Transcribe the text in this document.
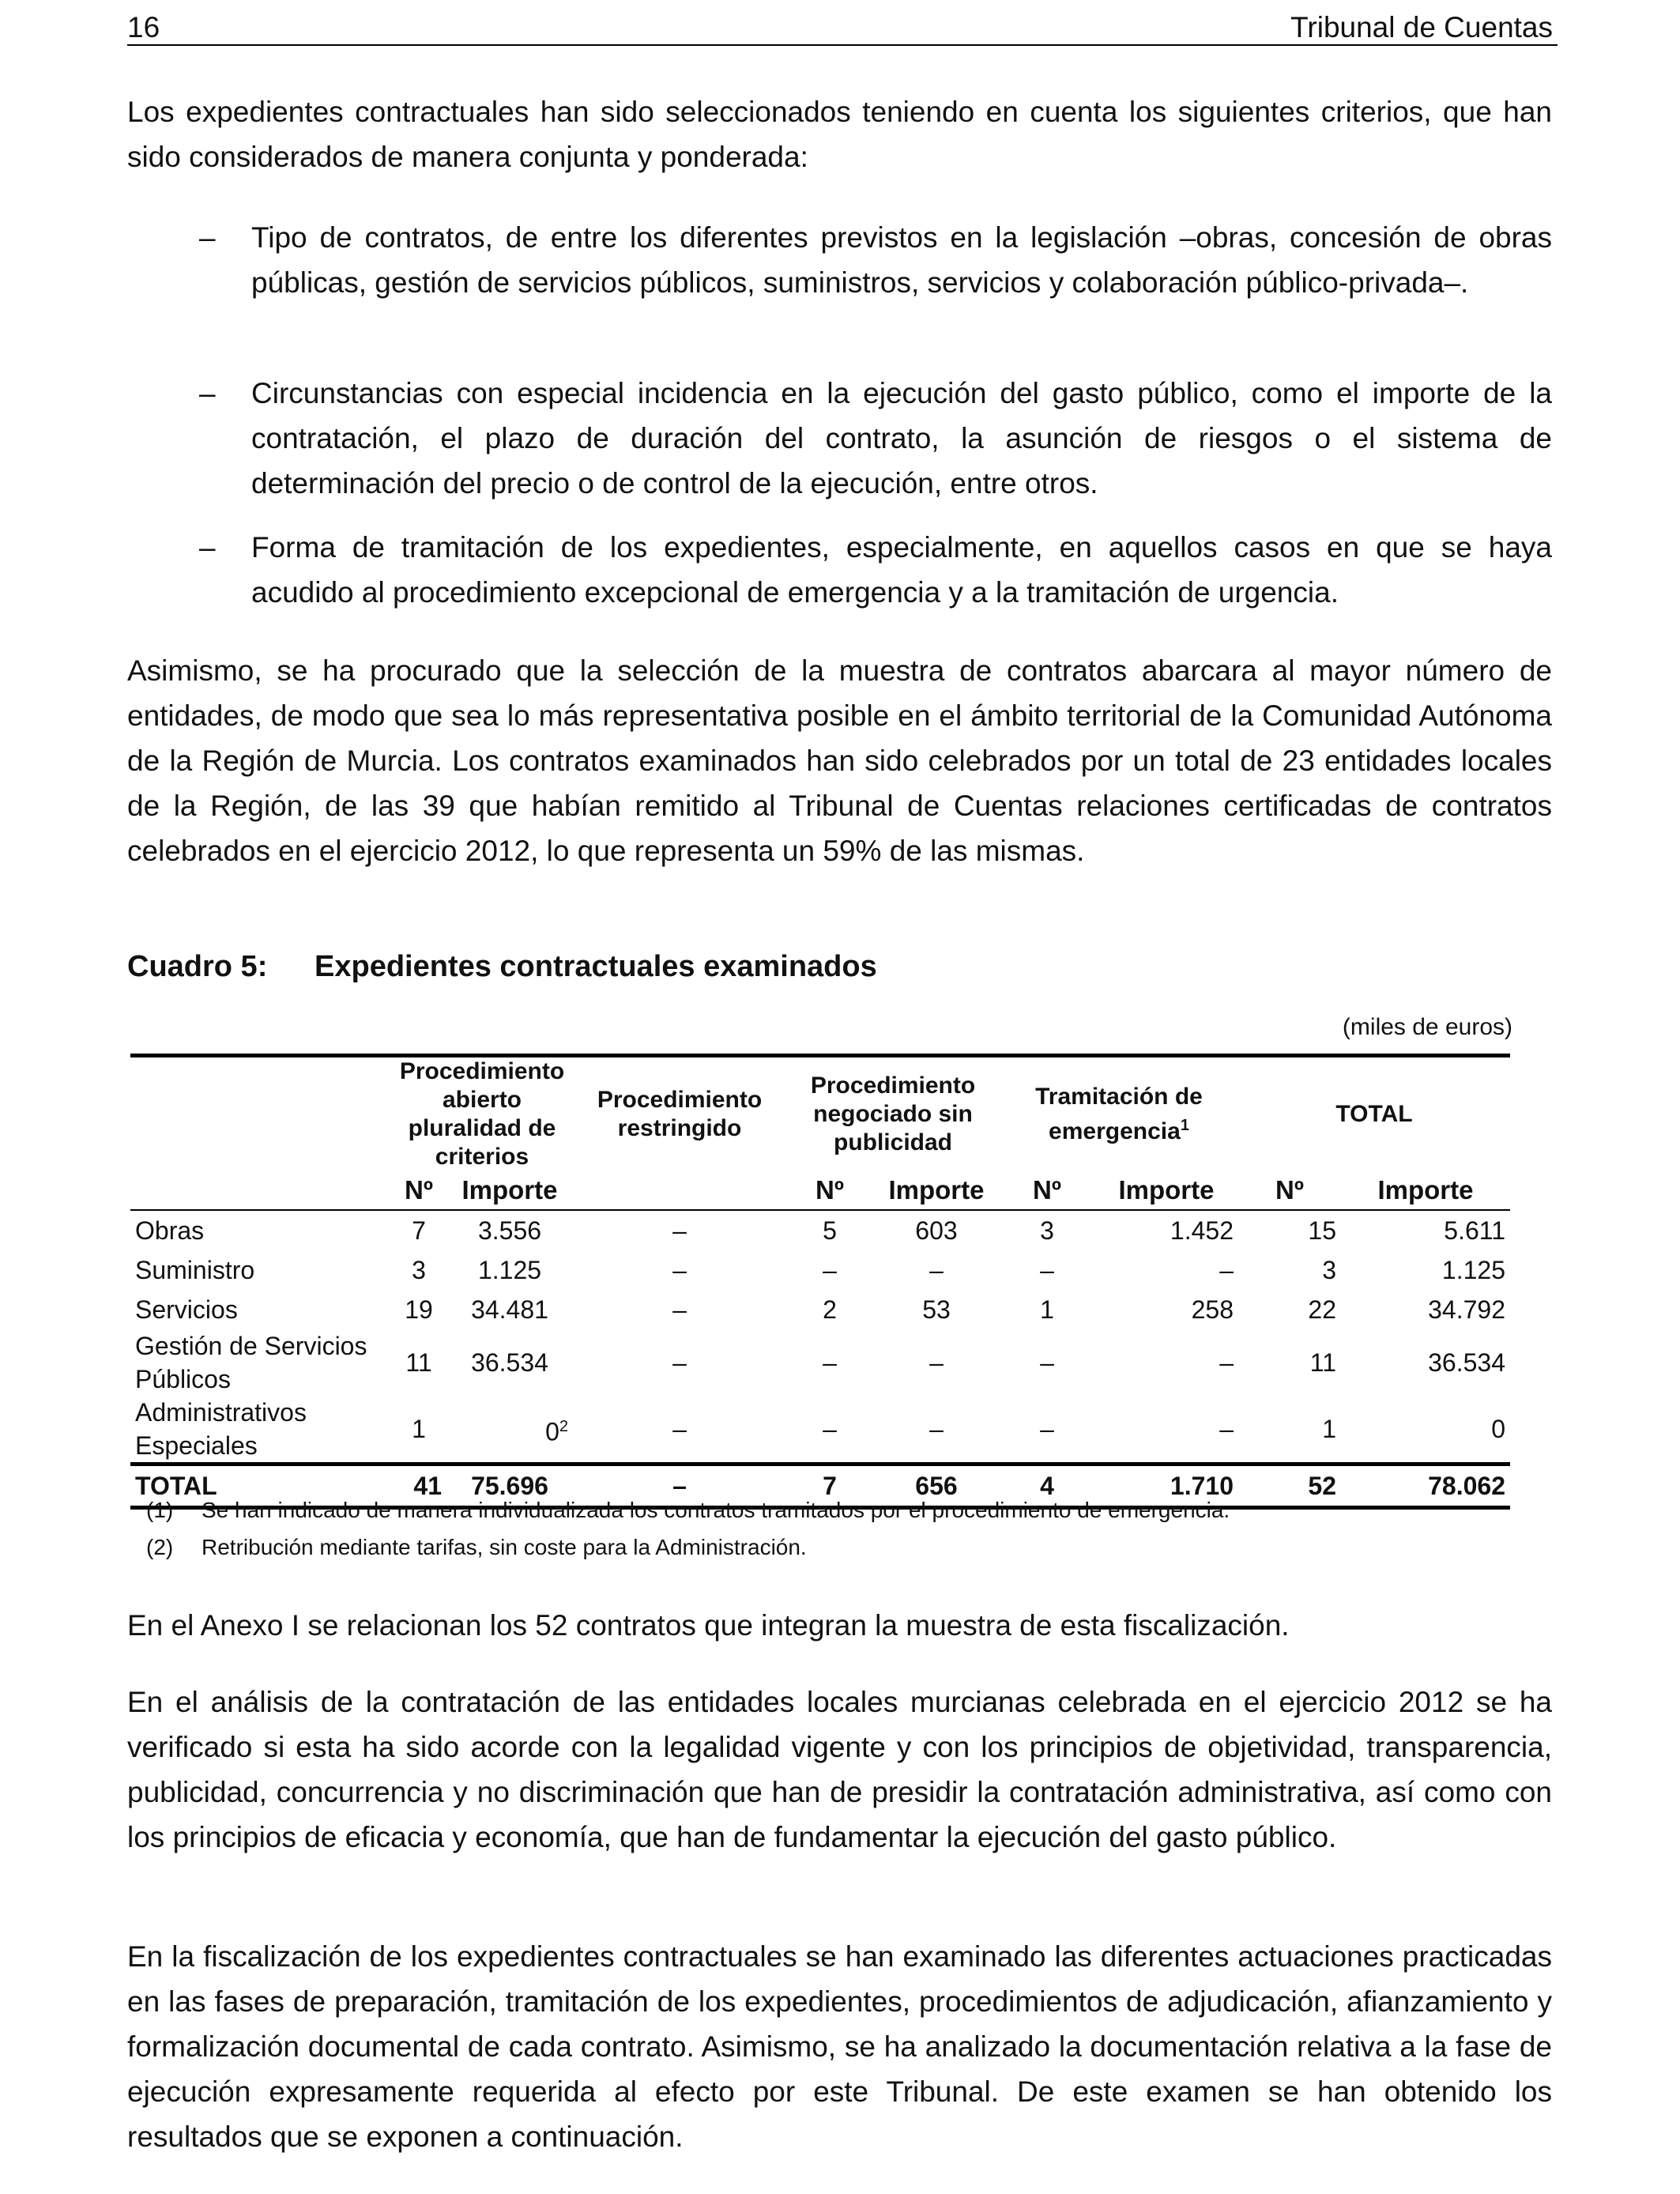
16	Tribunal de Cuentas

Los expedientes contractuales han sido seleccionados teniendo en cuenta los siguientes criterios, que han sido considerados de manera conjunta y ponderada:

– Tipo de contratos, de entre los diferentes previstos en la legislación –obras, concesión de obras públicas, gestión de servicios públicos, suministros, servicios y colaboración público-privada–.

– Circunstancias con especial incidencia en la ejecución del gasto público, como el importe de la contratación, el plazo de duración del contrato, la asunción de riesgos o el sistema de determinación del precio o de control de la ejecución, entre otros.

– Forma de tramitación de los expedientes, especialmente, en aquellos casos en que se haya acudido al procedimiento excepcional de emergencia y a la tramitación de urgencia.

Asimismo, se ha procurado que la selección de la muestra de contratos abarcara al mayor número de entidades, de modo que sea lo más representativa posible en el ámbito territorial de la Comunidad Autónoma de la Región de Murcia. Los contratos examinados han sido celebrados por un total de 23 entidades locales de la Región, de las 39 que habían remitido al Tribunal de Cuentas relaciones certificadas de contratos celebrados en el ejercicio 2012, lo que representa un 59% de las mismas.

Cuadro 5: Expedientes contractuales examinados
(miles de euros)
	Procedimiento abierto pluralidad de criterios		Procedimiento restringido	Procedimiento negociado sin publicidad		Tramitación de emergencia$^1$		TOTAL	
	Nº	Importe		Nº	Importe	Nº	Importe	Nº	Importe
Obras	7	3.556	–	5	603	3	1.452	15	5.611
Suministro	3	1.125	–	–	–	–	–	3	1.125
Servicios	19	34.481	–	2	53	1	258	22	34.792
Gestión de Servicios Públicos	11	36.534	–	–	–	–	–	11	36.534
Administrativos Especiales	1	$0^2$	–	–	–	–	–	1	0
TOTAL	41	75.696	–	7	656	4	1.710	52	78.062
(1) Se han indicado de manera individualizada los contratos tramitados por el procedimiento de emergencia.
(2) Retribución mediante tarifas, sin coste para la Administración.

En el Anexo I se relacionan los 52 contratos que integran la muestra de esta fiscalización.

En el análisis de la contratación de las entidades locales murcianas celebrada en el ejercicio 2012 se ha verificado si esta ha sido acorde con la legalidad vigente y con los principios de objetividad, transparencia, publicidad, concurrencia y no discriminación que han de presidir la contratación administrativa, así como con los principios de eficacia y economía, que han de fundamentar la ejecución del gasto público.

En la fiscalización de los expedientes contractuales se han examinado las diferentes actuaciones practicadas en las fases de preparación, tramitación de los expedientes, procedimientos de adjudicación, afianzamiento y formalización documental de cada contrato. Asimismo, se ha analizado la documentación relativa a la fase de ejecución expresamente requerida al efecto por este Tribunal. De este examen se han obtenido los resultados que se exponen a continuación.
